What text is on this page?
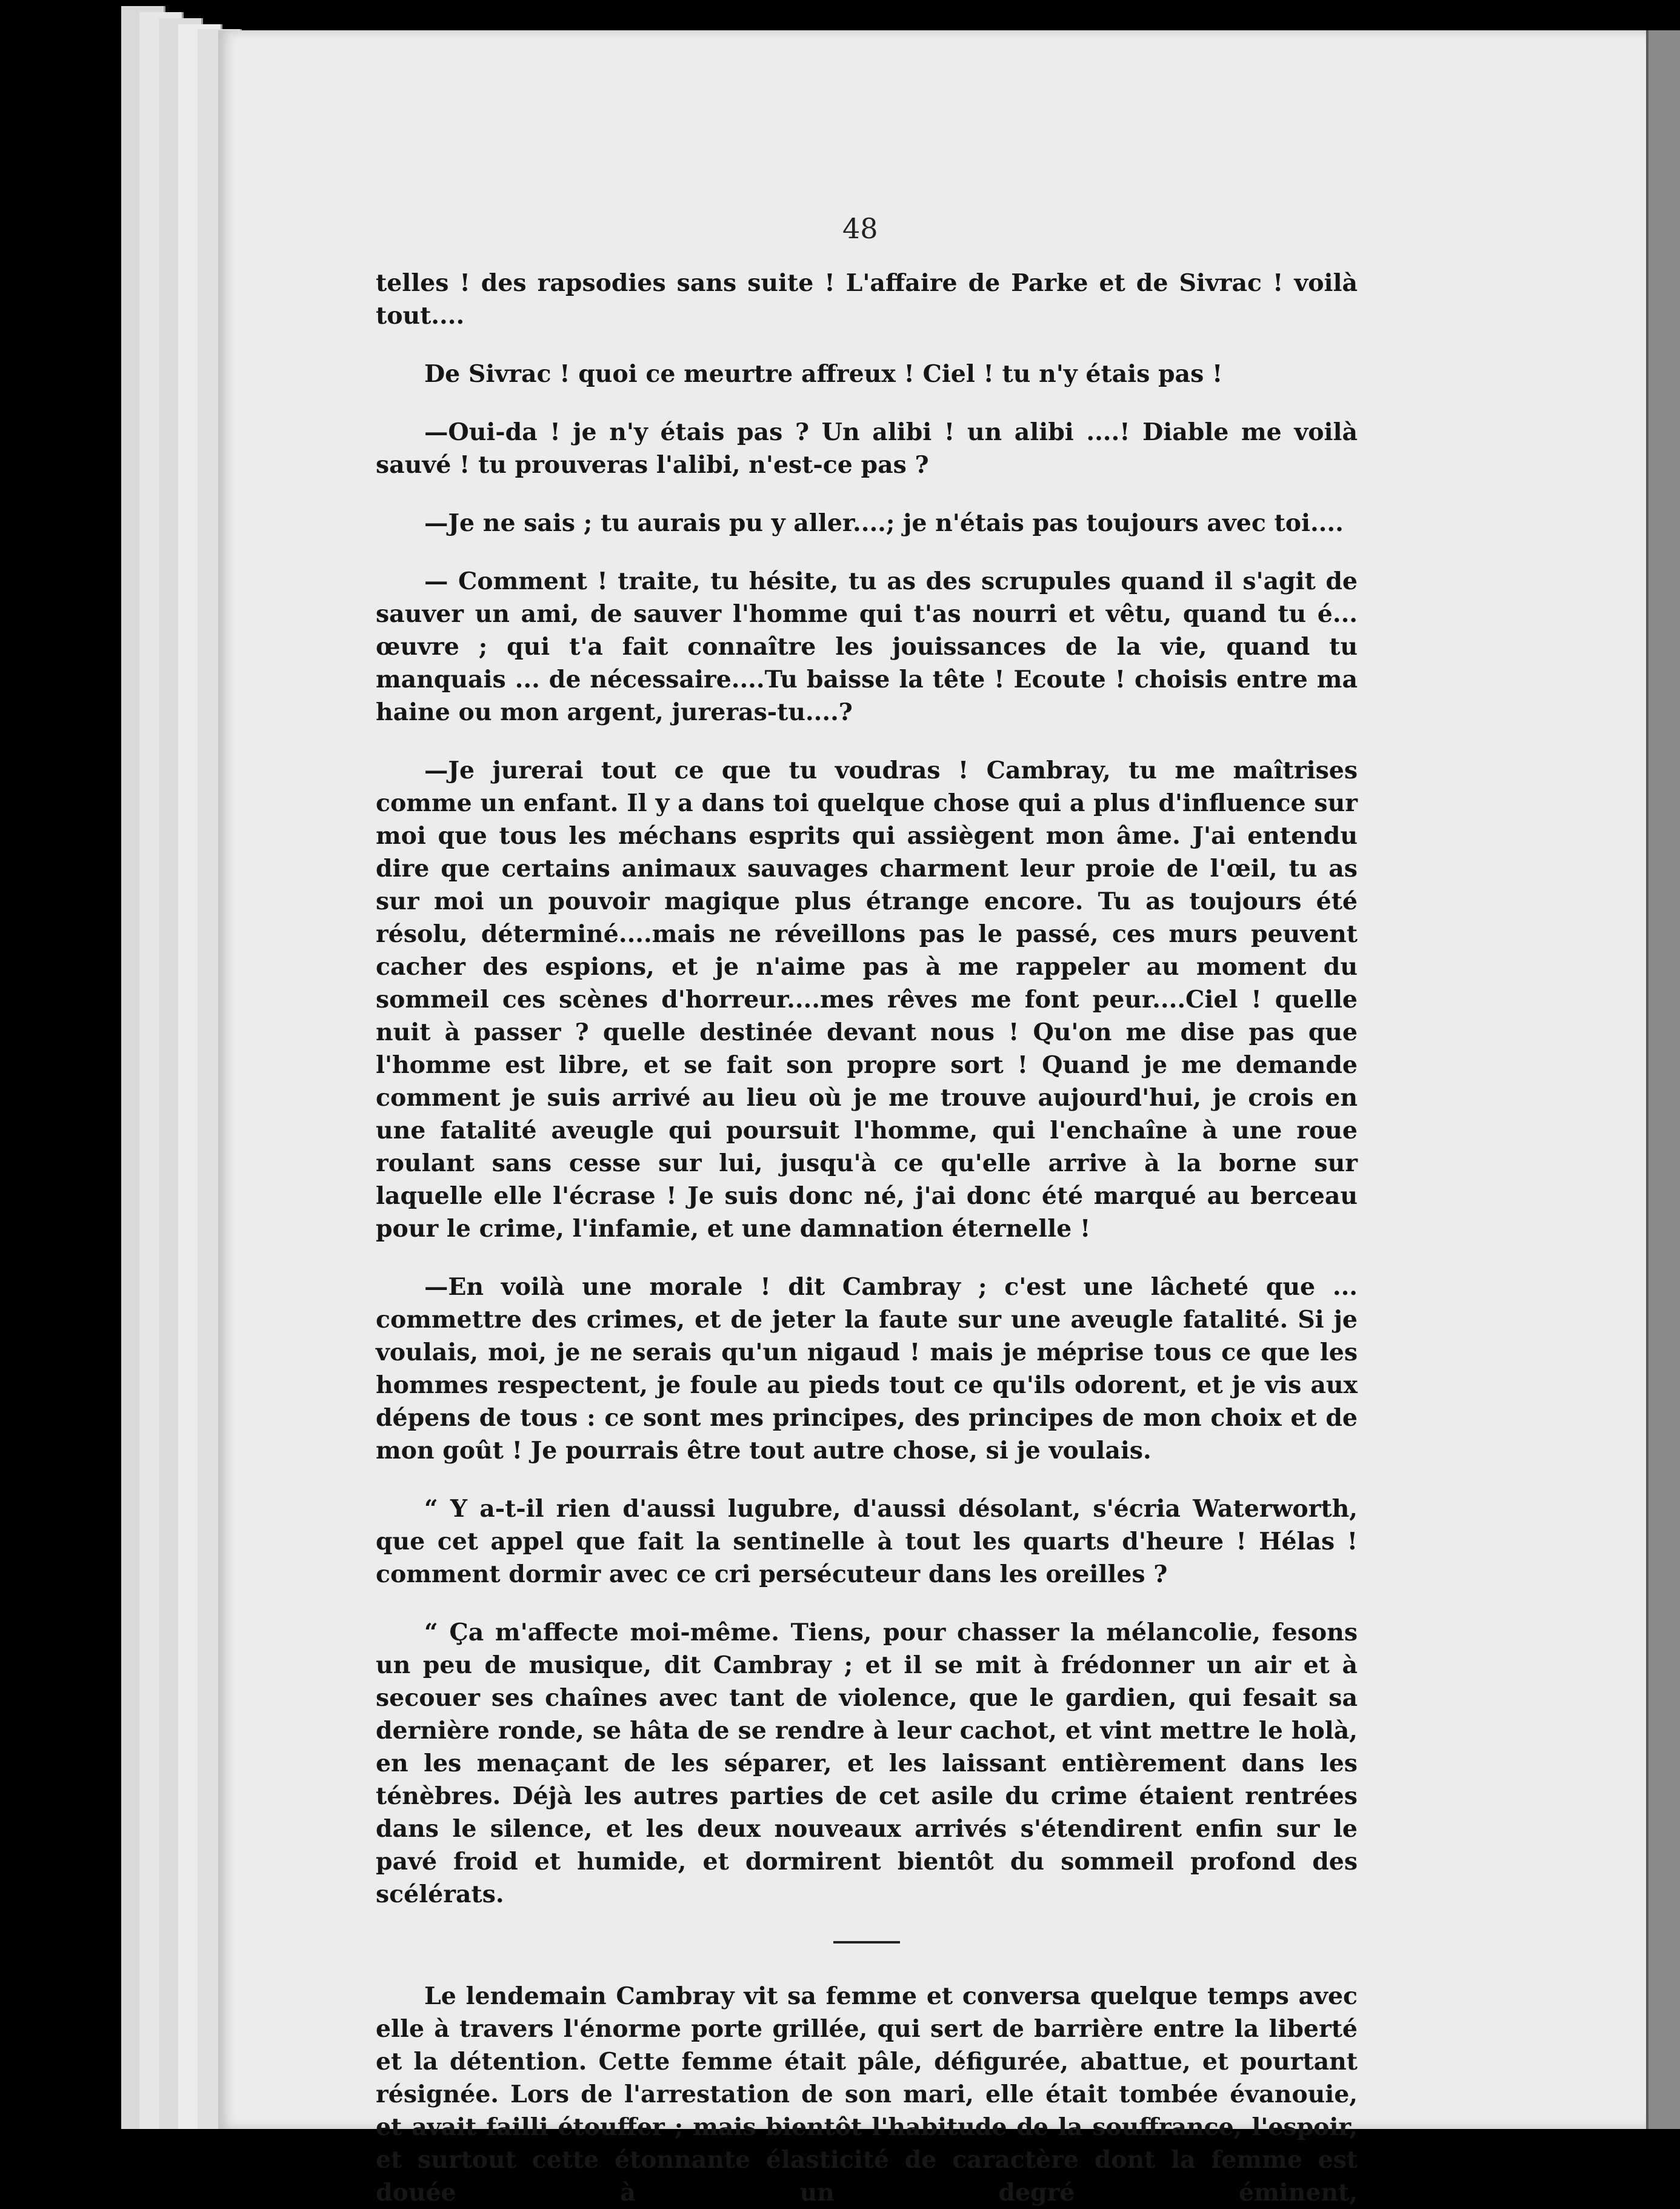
48

telles ! des rapsodies sans suite ! L'affaire de Parke et de Sivrac ! voilà tout....

De Sivrac ! quoi ce meurtre affreux ! Ciel ! tu n'y étais pas !

—Oui-da ! je n'y étais pas ? Un alibi ! un alibi ....! Diable me voilà sauvé ! tu prouveras l'alibi, n'est-ce pas ?

—Je ne sais ; tu aurais pu y aller....; je n'étais pas toujours avec toi....

— Comment ! traite, tu hésite, tu as des scrupules quand il s'agit de sauver un ami, de sauver l'homme qui t'as nourri et vêtu, quand tu é... œuvre ; qui t'a fait connaître les jouissances de la vie, quand tu manquais ... de nécessaire....Tu baisse la tête ! Ecoute ! choisis entre ma haine ou mon argent, jureras-tu....?

—Je jurerai tout ce que tu voudras ! Cambray, tu me maîtrises comme un enfant. Il y a dans toi quelque chose qui a plus d'influence sur moi que tous les méchans esprits qui assiègent mon âme. J'ai entendu dire que certains animaux sauvages charment leur proie de l'œil, tu as sur moi un pouvoir magique plus étrange encore. Tu as toujours été résolu, déterminé....mais ne réveillons pas le passé, ces murs peuvent cacher des espions, et je n'aime pas à me rappeler au moment du sommeil ces scènes d'horreur....mes rêves me font peur....Ciel ! quelle nuit à passer ? quelle destinée devant nous ! Qu'on me dise pas que l'homme est libre, et se fait son propre sort ! Quand je me demande comment je suis arrivé au lieu où je me trouve aujourd'hui, je crois en une fatalité aveugle qui poursuit l'homme, qui l'enchaîne à une roue roulant sans cesse sur lui, jusqu'à ce qu'elle arrive à la borne sur laquelle elle l'écrase ! Je suis donc né, j'ai donc été marqué au berceau pour le crime, l'infamie, et une damnation éternelle !

—En voilà une morale ! dit Cambray ; c'est une lâcheté que ... commettre des crimes, et de jeter la faute sur une aveugle fatalité. Si je voulais, moi, je ne serais qu'un nigaud ! mais je méprise tous ce que les hommes respectent, je foule au pieds tout ce qu'ils odorent, et je vis aux dépens de tous : ce sont mes principes, des principes de mon choix et de mon goût ! Je pourrais être tout autre chose, si je voulais.

“ Y a-t-il rien d'aussi lugubre, d'aussi désolant, s'écria Waterworth, que cet appel que fait la sentinelle à tout les quarts d'heure ! Hélas ! comment dormir avec ce cri persécuteur dans les oreilles ?

“ Ça m'affecte moi-même. Tiens, pour chasser la mélancolie, fesons un peu de musique, dit Cambray ; et il se mit à frédonner un air et à secouer ses chaînes avec tant de violence, que le gardien, qui fesait sa dernière ronde, se hâta de se rendre à leur cachot, et vint mettre le holà, en les menaçant de les séparer, et les laissant entièrement dans les ténèbres. Déjà les autres parties de cet asile du crime étaient rentrées dans le silence, et les deux nouveaux arrivés s'étendirent enfin sur le pavé froid et humide, et dormirent bientôt du sommeil profond des scélérats.

Le lendemain Cambray vit sa femme et conversa quelque temps avec elle à travers l'énorme porte grillée, qui sert de barrière entre la liberté et la détention. Cette femme était pâle, défigurée, abattue, et pourtant résignée. Lors de l'arrestation de son mari, elle était tombée évanouie, et avait failli étouffer ; mais bientôt l'habitude de la souffrance, l'espoir, et surtout cette étonnante élasticité de caractère dont la femme est douée à un degré éminent,
